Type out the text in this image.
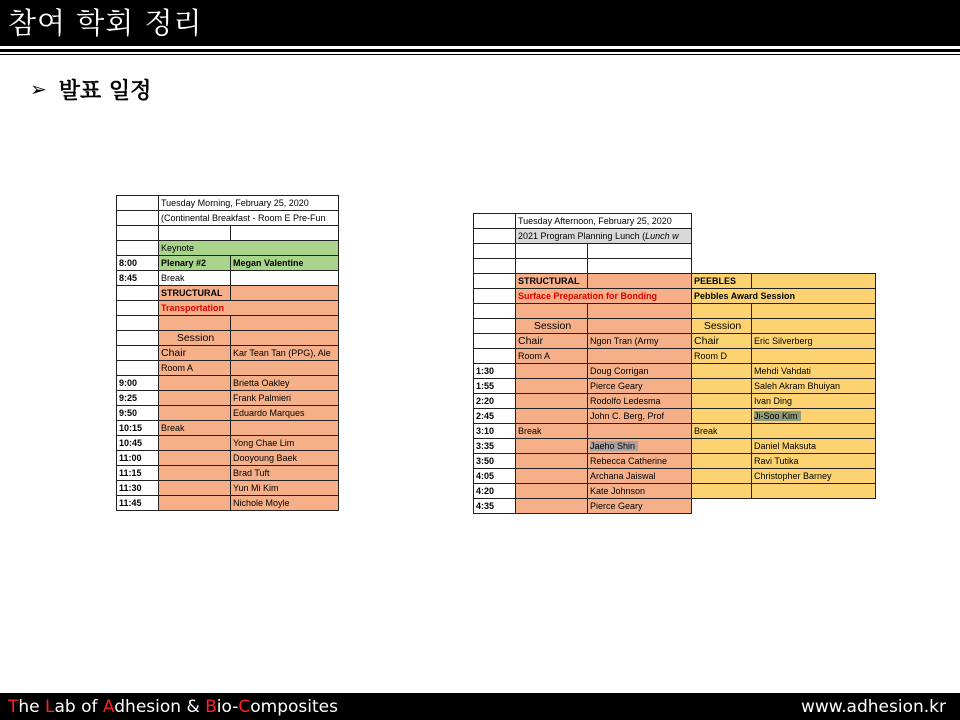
참여 학회 정리
➢ 발표 일정
	Tuesday Morning, February 25, 2020	
	(Continental Breakfast - Room E Pre-Fun	

	Keynote	
8:00	Plenary #2	Megan Valentine
8:45	Break	
	STRUCTURAL	
	Transportation	

	Session	
	Chair	Kar Tean Tan (PPG), Ale
	Room A	
9:00		Brietta Oakley
9:25		Frank Palmieri
9:50		Eduardo Marques
10:15	Break	
10:45		Yong Chae Lim
11:00		Dooyoung Baek
11:15		Brad Tuft
11:30		Yun Mi Kim
11:45		Nichole Moyle
	Tuesday Afternoon, February 25, 2020			
	2021 Program Planning Lunch (Lunch w			

	STRUCTURAL		PEEBLES	
	Surface Preparation for Bonding		Pebbles Award Session	

	Session		Session	
	Chair	Ngon Tran (Army	Chair	Eric Silverberg
	Room A		Room D	
1:30		Doug Corrigan		Mehdi Vahdati
1:55		Pierce Geary		Saleh Akram Bhuiyan
2:20		Rodolfo Ledesma		Ivan Ding
2:45		John C. Berg, Prof		Ji-Soo Kim
3:10	Break		Break	
3:35		Jaeho Shin		Daniel Maksuta
3:50		Rebecca Catherine		Ravi Tutika
4:05		Archana Jaiswal		Christopher Barney
4:20		Kate Johnson		
4:35		Pierce Geary		
The Lab of Adhesion & Bio-Composites	www.adhesion.kr
